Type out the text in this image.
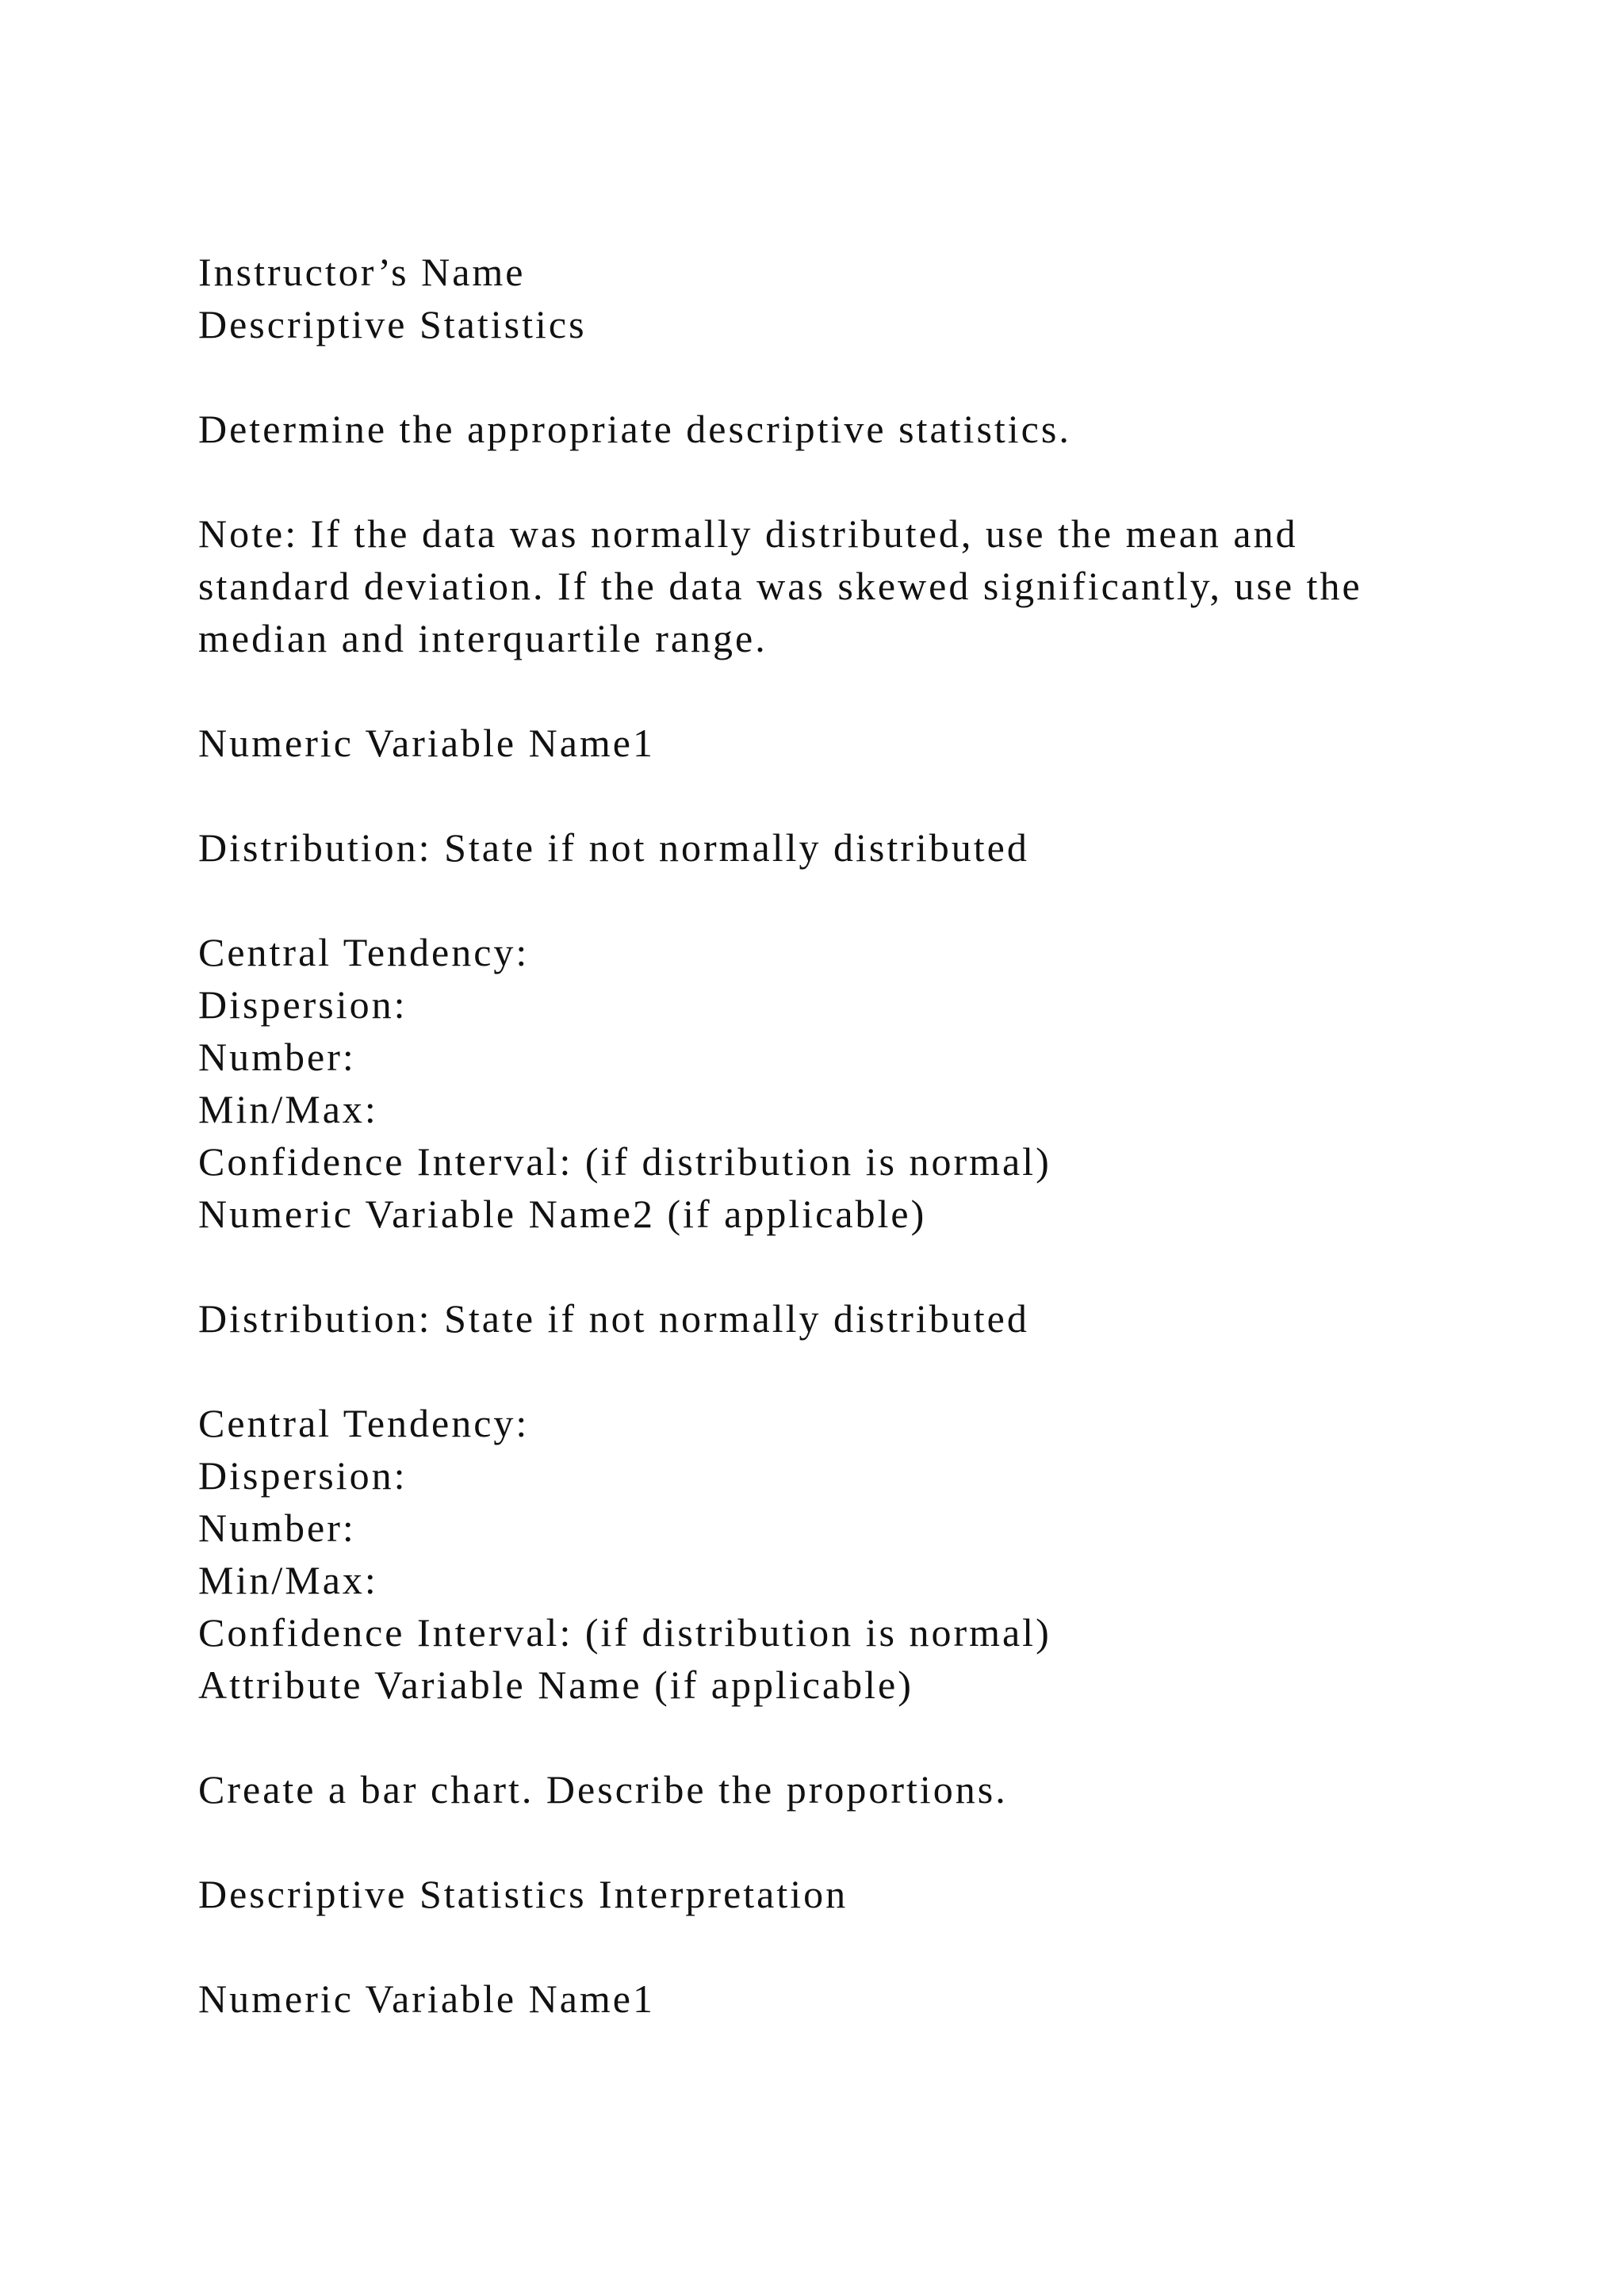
Instructor’s Name
Descriptive Statistics
Determine the appropriate descriptive statistics.
Note: If the data was normally distributed, use the mean and
standard deviation. If the data was skewed significantly, use the
median and interquartile range.
Numeric Variable Name1
Distribution: State if not normally distributed
Central Tendency:
Dispersion:
Number:
Min/Max:
Confidence Interval: (if distribution is normal)
Numeric Variable Name2 (if applicable)
Distribution: State if not normally distributed
Central Tendency:
Dispersion:
Number:
Min/Max:
Confidence Interval: (if distribution is normal)
Attribute Variable Name (if applicable)
Create a bar chart. Describe the proportions.
Descriptive Statistics Interpretation
Numeric Variable Name1
